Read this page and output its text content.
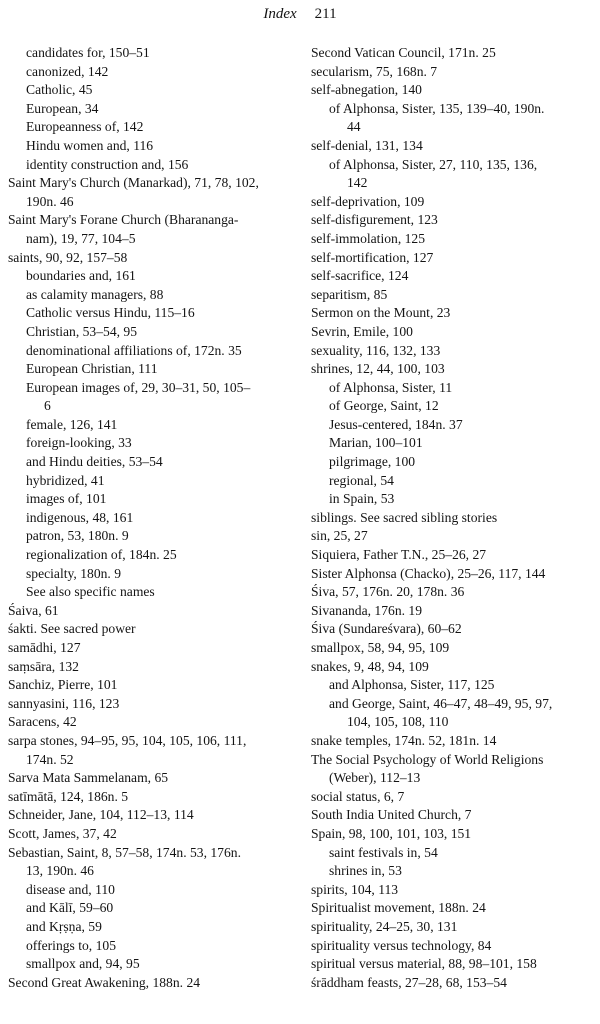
Index 211
candidates for, 150–51
canonized, 142
Catholic, 45
European, 34
Europeanness of, 142
Hindu women and, 116
identity construction and, 156
Saint Mary's Church (Manarkad), 71, 78, 102,
190n. 46
Saint Mary's Forane Church (Bharananga-
nam), 19, 77, 104–5
saints, 90, 92, 157–58
boundaries and, 161
as calamity managers, 88
Catholic versus Hindu, 115–16
Christian, 53–54, 95
denominational affiliations of, 172n. 35
European Christian, 111
European images of, 29, 30–31, 50, 105–
6
female, 126, 141
foreign-looking, 33
and Hindu deities, 53–54
hybridized, 41
images of, 101
indigenous, 48, 161
patron, 53, 180n. 9
regionalization of, 184n. 25
specialty, 180n. 9
See also specific names
Śaiva, 61
śakti. See sacred power
samādhi, 127
saṃsāra, 132
Sanchiz, Pierre, 101
sannyasini, 116, 123
Saracens, 42
sarpa stones, 94–95, 95, 104, 105, 106, 111,
174n. 52
Sarva Mata Sammelanam, 65
satīmātā, 124, 186n. 5
Schneider, Jane, 104, 112–13, 114
Scott, James, 37, 42
Sebastian, Saint, 8, 57–58, 174n. 53, 176n.
13, 190n. 46
disease and, 110
and Kālī, 59–60
and Kṛṣṇa, 59
offerings to, 105
smallpox and, 94, 95
Second Great Awakening, 188n. 24
Second Vatican Council, 171n. 25
secularism, 75, 168n. 7
self-abnegation, 140
of Alphonsa, Sister, 135, 139–40, 190n.
44
self-denial, 131, 134
of Alphonsa, Sister, 27, 110, 135, 136,
142
self-deprivation, 109
self-disfigurement, 123
self-immolation, 125
self-mortification, 127
self-sacrifice, 124
separitism, 85
Sermon on the Mount, 23
Sevrin, Emile, 100
sexuality, 116, 132, 133
shrines, 12, 44, 100, 103
of Alphonsa, Sister, 11
of George, Saint, 12
Jesus-centered, 184n. 37
Marian, 100–101
pilgrimage, 100
regional, 54
in Spain, 53
siblings. See sacred sibling stories
sin, 25, 27
Siquiera, Father T.N., 25–26, 27
Sister Alphonsa (Chacko), 25–26, 117, 144
Śiva, 57, 176n. 20, 178n. 36
Sivananda, 176n. 19
Śiva (Sundareśvara), 60–62
smallpox, 58, 94, 95, 109
snakes, 9, 48, 94, 109
and Alphonsa, Sister, 117, 125
and George, Saint, 46–47, 48–49, 95, 97,
104, 105, 108, 110
snake temples, 174n. 52, 181n. 14
The Social Psychology of World Religions
(Weber), 112–13
social status, 6, 7
South India United Church, 7
Spain, 98, 100, 101, 103, 151
saint festivals in, 54
shrines in, 53
spirits, 104, 113
Spiritualist movement, 188n. 24
spirituality, 24–25, 30, 131
spirituality versus technology, 84
spiritual versus material, 88, 98–101, 158
śrāddham feasts, 27–28, 68, 153–54
